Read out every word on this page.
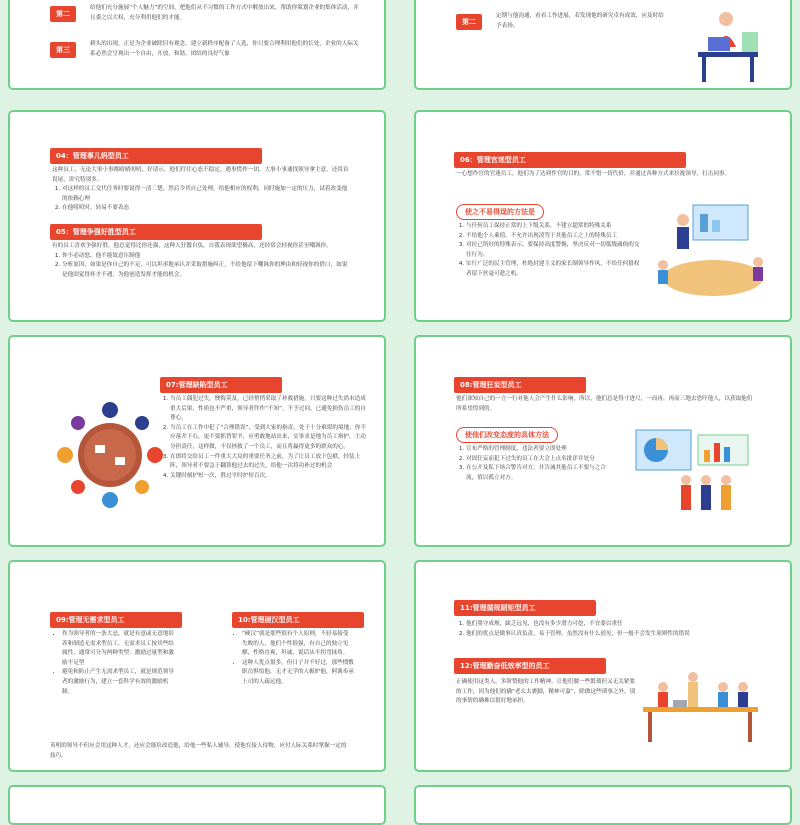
第二
给他们充分施展“个人魅力”的空间，把他们从不习惯的工作方式中解放出来，帮助你策划企业的集体活动，并且委之以大权，充分利用他们的才能。
第三
刺头的出现，正是为企业破除旧有观念，建立新秩序配备了人选，你只要合理利用他们的长处，企业的人际关系必然会呈现出一个自由，开放，和谐，团结的良好气象
第二
定期与他沟通，看看工作进展，若发现他的研究卓有成效，应及时给予表扬。
04：管理事儿妈型员工

这种员工，无论大事小事都晴晴叨叨，好请示，他们往往心态不稳定，遇事慌作一团，大事小事通找领导拿主意，还畏首畏尾，讲究特别多。

1. 对这样的员工交代任务时要说得一清二楚，然后令其自己处理，给他相应的权利，同时施加一定的压力，试着改变他的依赖心理
2. 在他唠叨时，轻易不要表态
05：管理争强好胜型员工

有的员工喜欢争强好胜，他总觉得比你还强，这种人狂傲自负，自我表现欲望极高，还经常会轻视你甚至嘲讽你。

1. 你不必动怒，他不能故意压制他
2. 分析原因，如果是你自己的不足，可以坦率地承认并采取措施纠正，不给他留下嘲讽你的理由和轻视你的借口，如果是他固觉得怀才不遇，为他创造发挥才能的机会。
06：管理官迷型员工
一心想作官的官迷员工，他们为了达到作官的目的，常不惜一切代价，并通过各种方式来拉拢领导，打击同事。
使之不易得逞的方法是
1. 与任何员工保持正常的上下级关系，不建立超常的特殊关系
2. 不给他个人乘值，不允许出现凌驾于其他员工之上的特殊员工
3. 对拉己所好的特殊表示，要保持高度警惕，坚决反对一切低级庸俗的交往行为。
4. 实行广泛的民主管理，杜绝封建主义的家长制领导作风，不给任何篡权者留下丝毫可趁之机。
07:管理缺陷型员工
1. 当员工偶犯过失，懊悔莫及，已经悄悄采取了补救措施，只要这种过失尚未造成重大后果，性质也不严重，领导者佯作“不知”，不予过问，已避免损伤员工的自尊心。
2. 当员工在工作中犯了“合理错误”，受到大家的指责，处于十分难堪的境地，你不应落井下石，更不要抓替罪羊，应勇敢地站出来，实事求是地为员工辩护，主动分担责任，这样做，不仅拯救了一个员工，而且将赢得更多的群众的心。
3. 在即将交给员工一件重大大局的重要任务之前，为了让员工放下包袱，轻装上阵，领导者不要急于翻算他过去的过失，给他一次将功补过的机会
4. 关键时刻护短一次，胜过平时护短百次。
08:管理狂妄型员工
他们深知自己的一言一行对他人会产生什么影响，所以，他们总是得寸进尺，一而再，再而三地去恐吓他人，以获取他们所希望得到的。
使他们改变态度的具体方法
1. 宣布严格的管理制度，违法者要立即处理
2. 对固狂妄而犯下过失的员工在大会上点名批评并处分
3. 在公开及私下场合警告对方，并告诫其他员工不要与之合流，值以孤立对方。
09:管理无需求型员工
• 作为领导者的一条大忌，就是有意或无意地培养和制造无需求型员工，无需求员工按其些结属性，通常可分为两种类型：激励过量型和激励不足型
• 避免和防止产生无需求型员工，就是规范领导者的激励行为，建立一套科学有效的激励机制。
10:管理硬汉型员工
• “硬汉”就是那些很有个人原则，不轻易接受失败的人，他们个性很强，有自己的独立见解，性格直爽，坦诚，说话从不拐弯抹角。
• 这种人优点很多，但日子并不好过，那些惯敷职员惧怕他，无才无学的人嫉妒他，阿谀奉承上司的人疏远他。
英明的领导不但应会用这种人才，还应会能培改造他，给他一些私人辅导，使他在接人待物，应付人际关系时掌握一定的技巧。
11:管理循规蹈矩型员工
1. 他们墨守成规，缺乏远见，也没有多少潜力可挖，不宜委以重任
2. 他们的优点是做事认真负责，易于管理，虽然没有什么创见，但一般不会发生原则性的错误
12:管理勤奋低效率型的员工
正确使用这类人，多阶赞他的工作精神，让他们做一些繁琐但又无关紧要的工作，因为他们的确“老太太裹脚，精神可嘉”，除做这些琐事之外，别的事情的确难以很好地承担。
